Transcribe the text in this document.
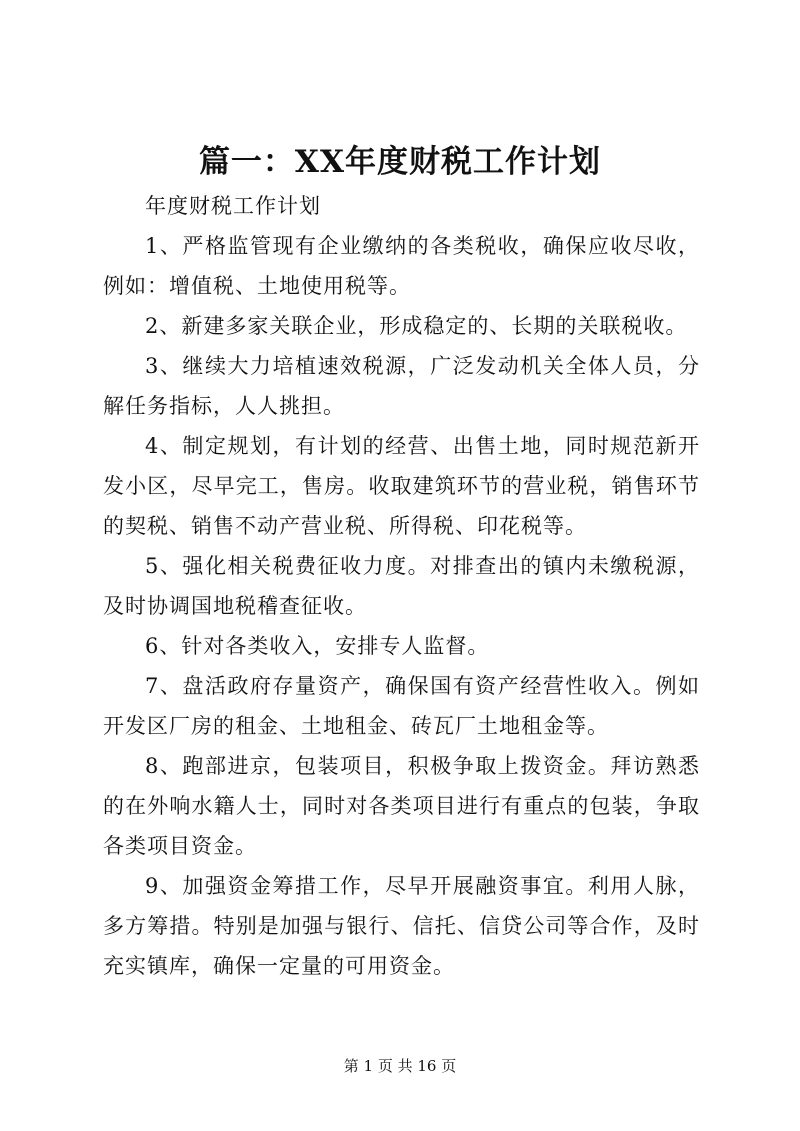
篇一：XX年度财税工作计划

年度财税工作计划

1、严格监管现有企业缴纳的各类税收，确保应收尽收，例如：增值税、土地使用税等。

2、新建多家关联企业，形成稳定的、长期的关联税收。

3、继续大力培植速效税源，广泛发动机关全体人员，分解任务指标，人人挑担。

4、制定规划，有计划的经营、出售土地，同时规范新开发小区，尽早完工，售房。收取建筑环节的营业税，销售环节的契税、销售不动产营业税、所得税、印花税等。

5、强化相关税费征收力度。对排查出的镇内未缴税源，及时协调国地税稽查征收。

6、针对各类收入，安排专人监督。

7、盘活政府存量资产，确保国有资产经营性收入。例如开发区厂房的租金、土地租金、砖瓦厂土地租金等。

8、跑部进京，包装项目，积极争取上拨资金。拜访熟悉的在外响水籍人士，同时对各类项目进行有重点的包装，争取各类项目资金。

9、加强资金筹措工作，尽早开展融资事宜。利用人脉，多方筹措。特别是加强与银行、信托、信贷公司等合作，及时充实镇库，确保一定量的可用资金。

第 1 页 共 16 页
